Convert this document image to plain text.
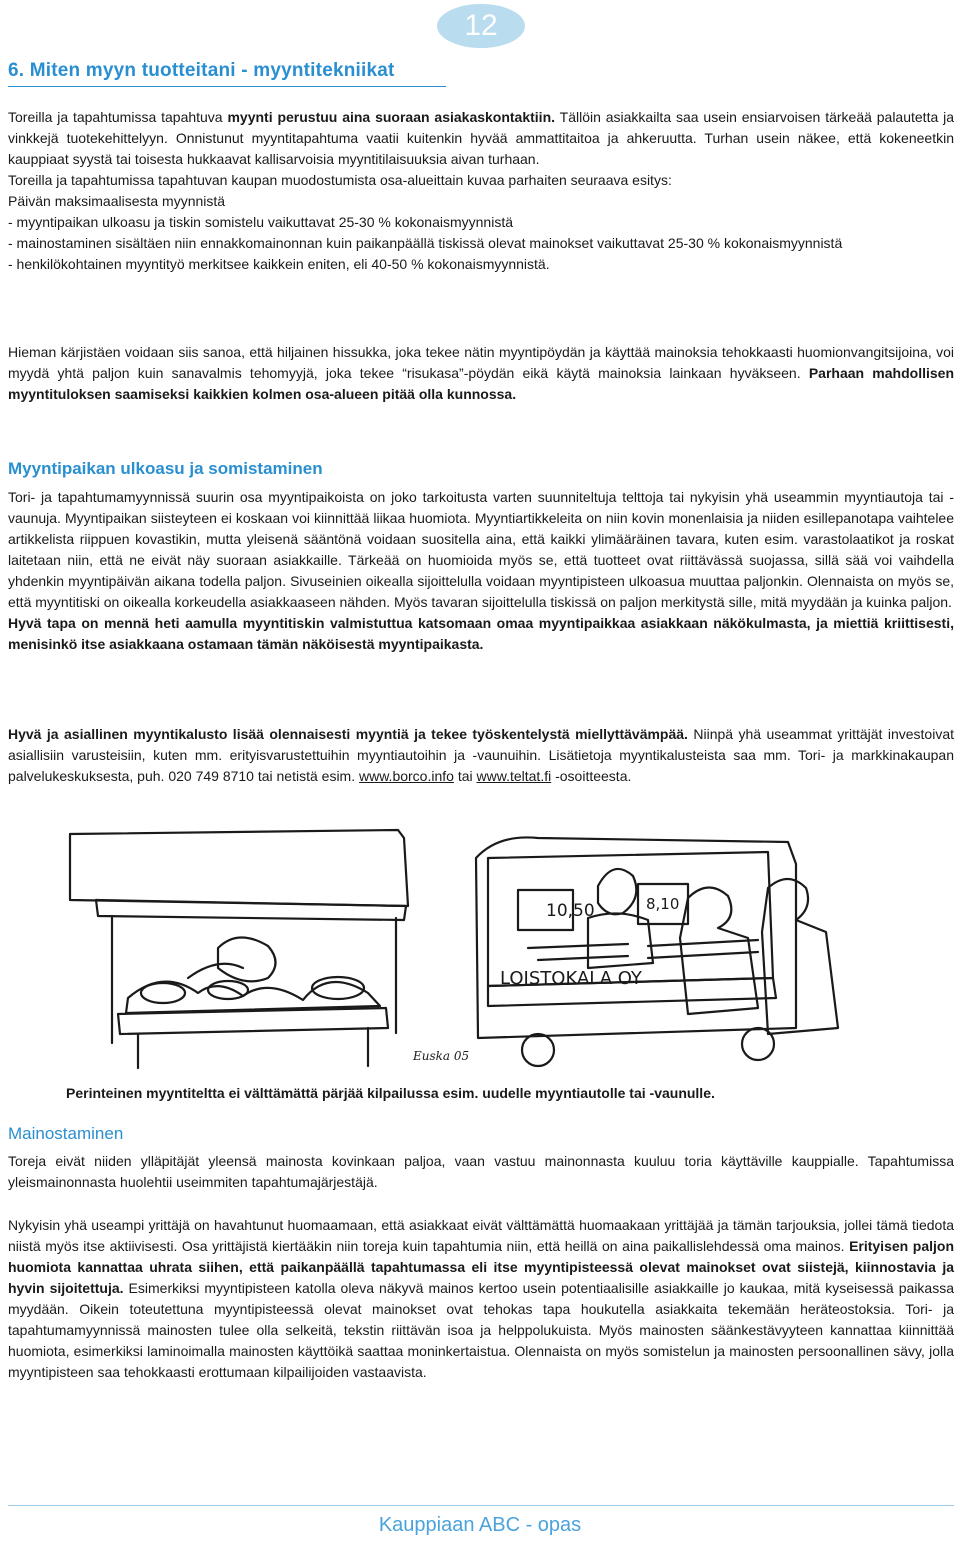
12
6. Miten myyn tuotteitani - myyntitekniikat

Toreilla ja tapahtumissa tapahtuva myynti perustuu aina suoraan asiakaskontaktiin. Tällöin asiakkailta saa usein ensiarvoisen tärkeää palautetta ja vinkkejä tuotekehittelyyn. Onnistunut myyntitapahtuma vaatii kuitenkin hyvää ammattitaitoa ja ahkeruutta. Turhan usein näkee, että kokeneetkin kauppiaat syystä tai toisesta hukkaavat kallisarvoisia myyntitilaisuuksia aivan turhaan.

Toreilla ja tapahtumissa tapahtuvan kaupan muodostumista osa-alueittain kuvaa parhaiten seuraava esitys:

Päivän maksimaalisesta myynnistä

- myyntipaikan ulkoasu ja tiskin somistelu vaikuttavat 25-30 % kokonaismyynnistä

- mainostaminen sisältäen niin ennakkomainonnan kuin paikanpäällä tiskissä olevat mainokset vaikuttavat 25-30 % kokonaismyynnistä

- henkilökohtainen myyntityö merkitsee kaikkein eniten, eli 40-50 % kokonaismyynnistä.

Hieman kärjistäen voidaan siis sanoa, että hiljainen hissukka, joka tekee nätin myyntipöydän ja käyttää mainoksia tehokkaasti huomionvangitsijoina, voi myydä yhtä paljon kuin sanavalmis tehomyyjä, joka tekee “risukasa”-pöydän eikä käytä mainoksia lainkaan hyväkseen. Parhaan mahdollisen myyntituloksen saamiseksi kaikkien kolmen osa-alueen pitää olla kunnossa.

Myyntipaikan ulkoasu ja somistaminen

Tori- ja tapahtumamyynnissä suurin osa myyntipaikoista on joko tarkoitusta varten suunniteltuja telttoja tai nykyisin yhä useammin myyntiautoja tai -vaunuja. Myyntipaikan siisteyteen ei koskaan voi kiinnittää liikaa huomiota. Myyntiartikkeleita on niin kovin monenlaisia ja niiden esillepanotapa vaihtelee artikkelista riippuen kovastikin, mutta yleisenä sääntönä voidaan suositella aina, että kaikki ylimääräinen tavara, kuten esim. varastolaatikot ja roskat laitetaan niin, että ne eivät näy suoraan asiakkaille. Tärkeää on huomioida myös se, että tuotteet ovat riittävässä suojassa, sillä sää voi vaihdella yhdenkin myyntipäivän aikana todella paljon. Sivuseinien oikealla sijoittelulla voidaan myyntipisteen ulkoasua muuttaa paljonkin. Olennaista on myös se, että myyntitiski on oikealla korkeudella asiakkaaseen nähden. Myös tavaran sijoittelulla tiskissä on paljon merkitystä sille, mitä myydään ja kuinka paljon.

Hyvä tapa on mennä heti aamulla myyntitiskin valmistuttua katsomaan omaa myyntipaikkaa asiakkaan näkökulmasta, ja miettiä kriittisesti, menisinkö itse asiakkaana ostamaan tämän näköisestä myyntipaikasta.

Hyvä ja asiallinen myyntikalusto lisää olennaisesti myyntiä ja tekee työskentelystä miellyttävämpää. Niinpä yhä useammat yrittäjät investoivat asiallisiin varusteisiin, kuten mm. erityisvarustettuihin myyntiautoihin ja -vaunuihin. Lisätietoja myyntikalusteista saa mm. Tori- ja markkinakaupan palvelukeskuksesta, puh. 020 749 8710 tai netistä esim. www.borco.info tai www.teltat.fi -osoitteesta.

10,50	8,10
LOISTOKALA OY
Euska 05

Perinteinen myyntiteltta ei välttämättä pärjää kilpailussa esim. uudelle myyntiautolle tai -vaunulle.

Mainostaminen

Toreja eivät niiden ylläpitäjät yleensä mainosta kovinkaan paljoa, vaan vastuu mainonnasta kuuluu toria käyttäville kauppialle. Tapahtumissa yleismainonnasta huolehtii useimmiten tapahtumajärjestäjä.

Nykyisin yhä useampi yrittäjä on havahtunut huomaamaan, että asiakkaat eivät välttämättä huomaakaan yrittäjää ja tämän tarjouksia, jollei tämä tiedota niistä myös itse aktiivisesti. Osa yrittäjistä kiertääkin niin toreja kuin tapahtumia niin, että heillä on aina paikallislehdessä oma mainos. Erityisen paljon huomiota kannattaa uhrata siihen, että paikanpäällä tapahtumassa eli itse myyntipisteessä olevat mainokset ovat siistejä, kiinnostavia ja hyvin sijoitettuja. Esimerkiksi myyntipisteen katolla oleva näkyvä mainos kertoo usein potentiaalisille asiakkaille jo kaukaa, mitä kyseisessä paikassa myydään. Oikein toteutettuna myyntipisteessä olevat mainokset ovat tehokas tapa houkutella asiakkaita tekemään heräteostoksia. Tori- ja tapahtumamyynnissä mainosten tulee olla selkeitä, tekstin riittävän isoa ja helppolukuista. Myös mainosten säänkestävyyteen kannattaa kiinnittää huomiota, esimerkiksi laminoimalla mainosten käyttöikä saattaa moninkertaistua. Olennaista on myös somistelun ja mainosten persoonallinen sävy, jolla myyntipisteen saa tehokkaasti erottumaan kilpailijoiden vastaavista.

Kauppiaan ABC - opas
